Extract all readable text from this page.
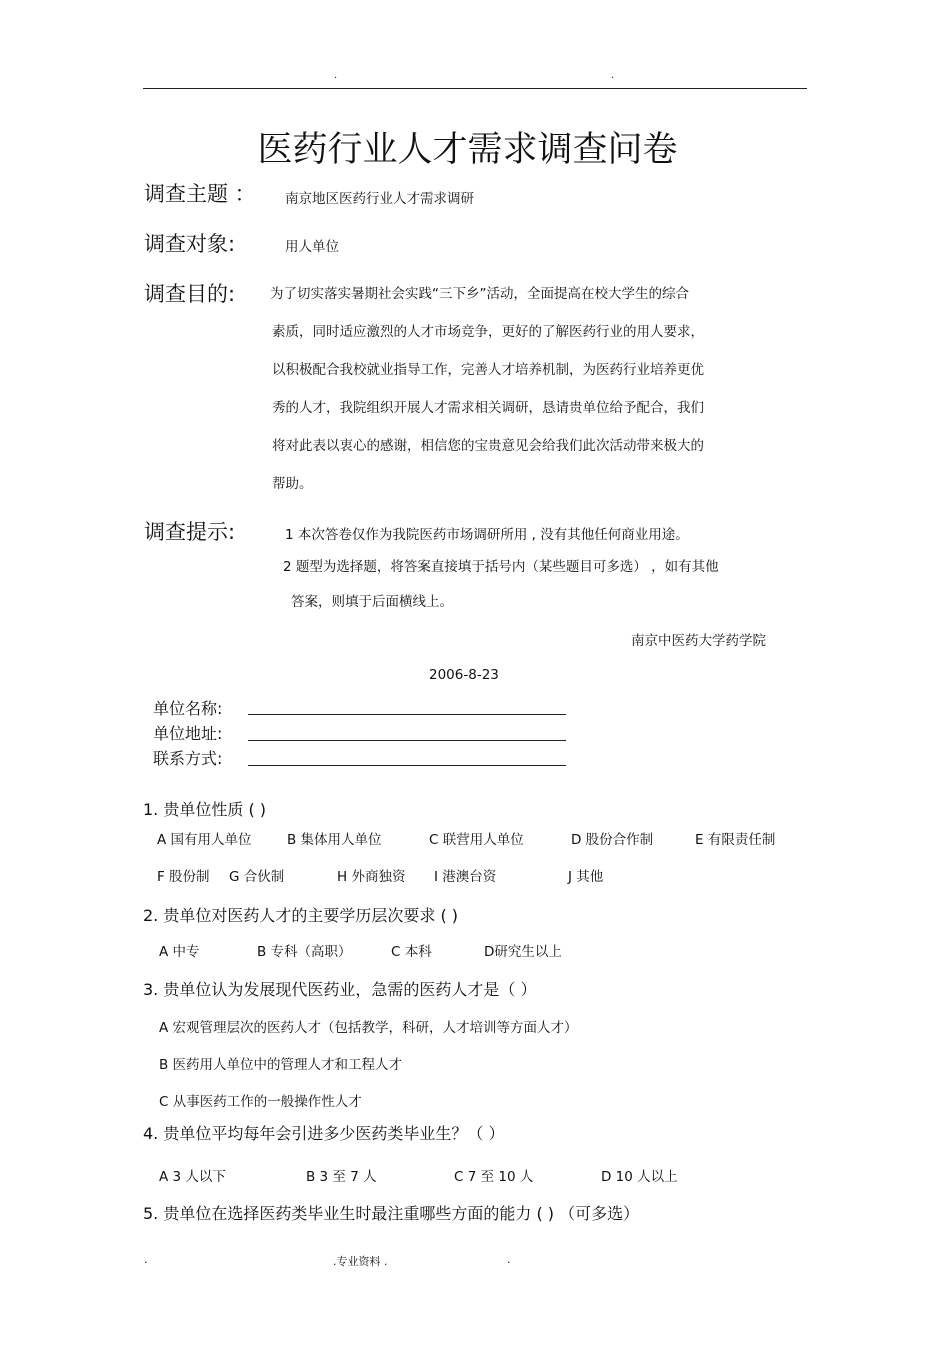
.	.
医药行业人才需求调查问卷
调查主题 ： 南京地区医药行业人才需求调研
调查对象:	用人单位
调查目的:	为了切实落实暑期社会实践“三下乡”活动，全面提高在校大学生的综合
素质，同时适应激烈的人才市场竞争，更好的了解医药行业的用人要求，
以积极配合我校就业指导工作，完善人才培养机制，为医药行业培养更优
秀的人才，我院组织开展人才需求相关调研，恳请贵单位给予配合，我们
将对此表以衷心的感谢，相信您的宝贵意见会给我们此次活动带来极大的
帮助。
调查提示:	1 本次答卷仅作为我院医药市场调研所用 , 没有其他任何商业用途。
2 题型为选择题，将答案直接填于括号内（某些题目可多选） ，如有其他
答案，则填于后面横线上。
南京中医药大学药学院
2006-8-23
单位名称:
单位地址:
联系方式:
1. 贵单位性质 ( )
A 国有用人单位	B 集体用人单位	C 联营用人单位	D 股份合作制	E 有限责任制
F 股份制 G 合伙制	H 外商独资 I 港澳台资	J 其他
2. 贵单位对医药人才的主要学历层次要求 ( )
A 中专	B 专科（高职）	C 本科	D研究生以上
3. 贵单位认为发展现代医药业，急需的医药人才是（ ）
A 宏观管理层次的医药人才（包括教学，科研，人才培训等方面人才）
B 医药用人单位中的管理人才和工程人才
C 从事医药工作的一般操作性人才
4. 贵单位平均每年会引进多少医药类毕业生？（ ）
A 3 人以下	B 3 至 7 人	C 7 至 10 人	D 10 人以上
5. 贵单位在选择医药类毕业生时最注重哪些方面的能力 ( ) （可多选）
.	.专业资料 .	.
